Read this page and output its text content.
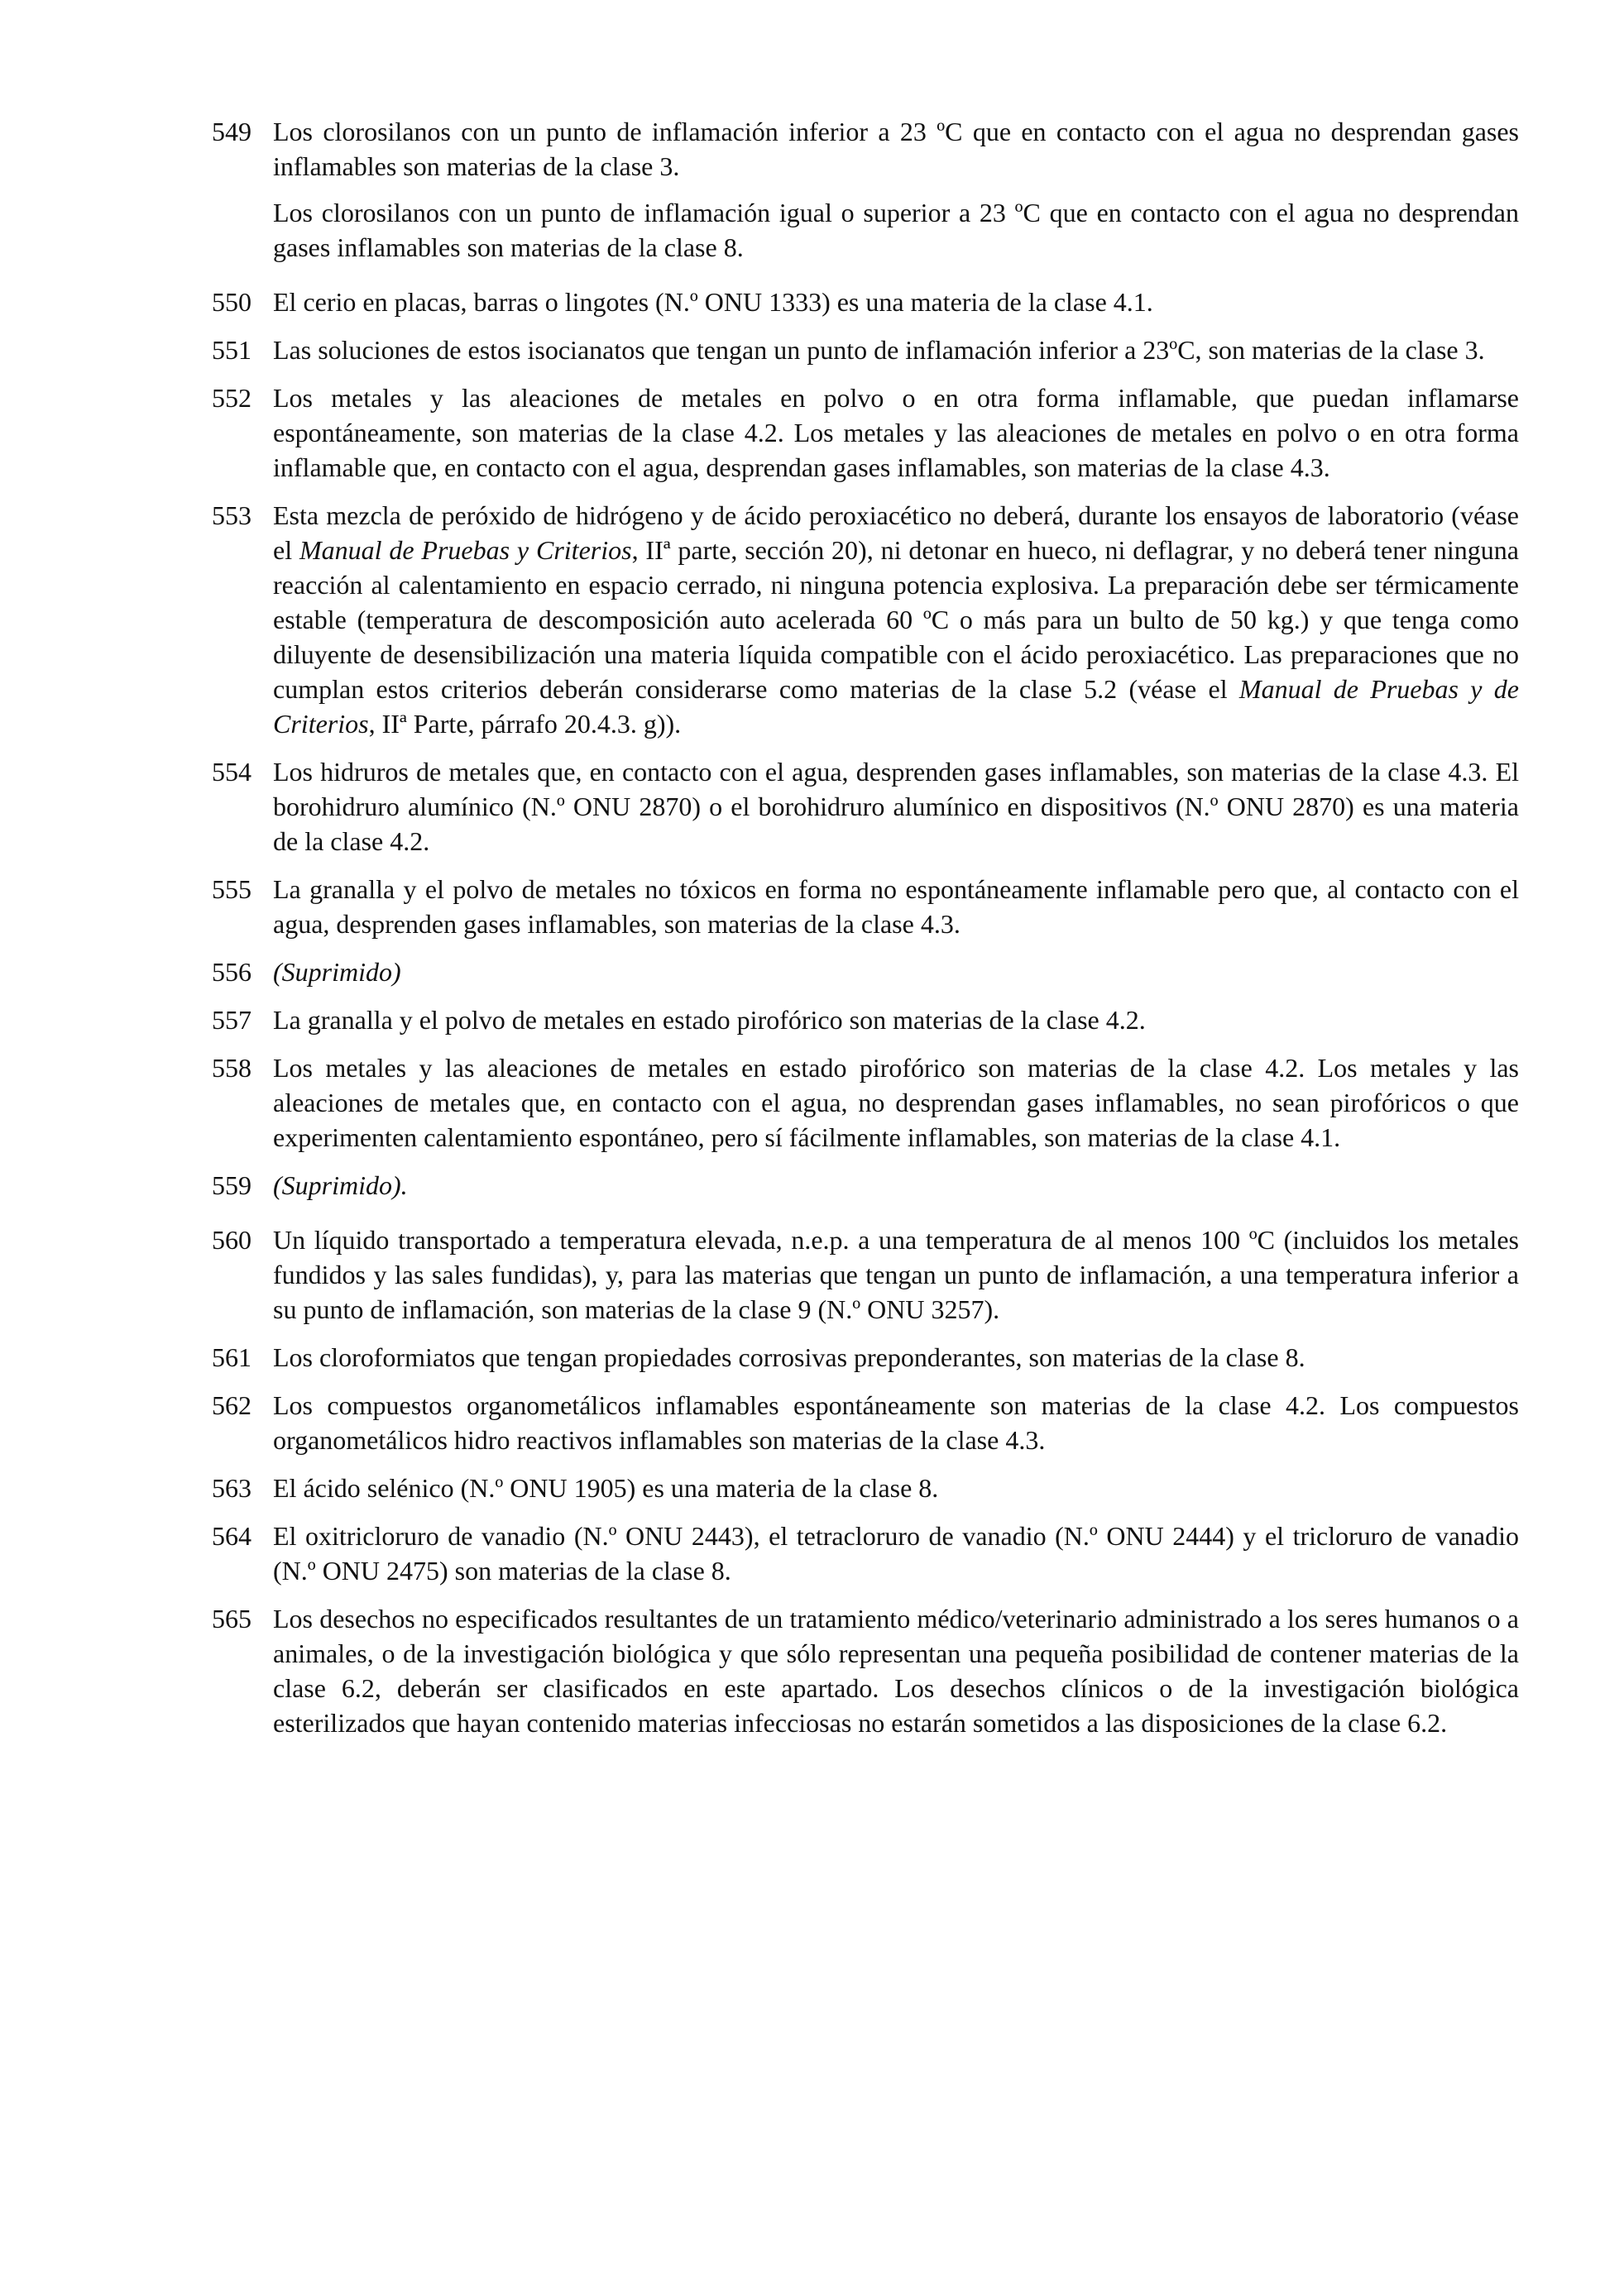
549 Los clorosilanos con un punto de inflamación inferior a 23 ºC que en contacto con el agua no desprendan gases inflamables son materias de la clase 3.

Los clorosilanos con un punto de inflamación igual o superior a 23 ºC que en contacto con el agua no desprendan gases inflamables son materias de la clase 8.

550 El cerio en placas, barras o lingotes (N.º ONU 1333) es una materia de la clase 4.1.

551 Las soluciones de estos isocianatos que tengan un punto de inflamación inferior a 23ºC, son materias de la clase 3.

552 Los metales y las aleaciones de metales en polvo o en otra forma inflamable, que puedan inflamarse espontáneamente, son materias de la clase 4.2. Los metales y las aleaciones de metales en polvo o en otra forma inflamable que, en contacto con el agua, desprendan gases inflamables, son materias de la clase 4.3.

553 Esta mezcla de peróxido de hidrógeno y de ácido peroxiacético no deberá, durante los ensayos de laboratorio (véase el Manual de Pruebas y Criterios, IIª parte, sección 20), ni detonar en hueco, ni deflagrar, y no deberá tener ninguna reacción al calentamiento en espacio cerrado, ni ninguna potencia explosiva. La preparación debe ser térmicamente estable (temperatura de descomposición auto acelerada 60 ºC o más para un bulto de 50 kg.) y que tenga como diluyente de desensibilización una materia líquida compatible con el ácido peroxiacético. Las preparaciones que no cumplan estos criterios deberán considerarse como materias de la clase 5.2 (véase el Manual de Pruebas y de Criterios, IIª Parte, párrafo 20.4.3. g)).

554 Los hidruros de metales que, en contacto con el agua, desprenden gases inflamables, son materias de la clase 4.3. El borohidruro alumínico (N.º ONU 2870) o el borohidruro alumínico en dispositivos (N.º ONU 2870) es una materia de la clase 4.2.

555 La granalla y el polvo de metales no tóxicos en forma no espontáneamente inflamable pero que, al contacto con el agua, desprenden gases inflamables, son materias de la clase 4.3.

556 (Suprimido)

557 La granalla y el polvo de metales en estado pirofórico son materias de la clase 4.2.

558 Los metales y las aleaciones de metales en estado pirofórico son materias de la clase 4.2. Los metales y las aleaciones de metales que, en contacto con el agua, no desprendan gases inflamables, no sean pirofóricos o que experimenten calentamiento espontáneo, pero sí fácilmente inflamables, son materias de la clase 4.1.

559 (Suprimido).

560 Un líquido transportado a temperatura elevada, n.e.p. a una temperatura de al menos 100 ºC (incluidos los metales fundidos y las sales fundidas), y, para las materias que tengan un punto de inflamación, a una temperatura inferior a su punto de inflamación, son materias de la clase 9 (N.º ONU 3257).

561 Los cloroformiatos que tengan propiedades corrosivas preponderantes, son materias de la clase 8.

562 Los compuestos organometálicos inflamables espontáneamente son materias de la clase 4.2. Los compuestos organometálicos hidro reactivos inflamables son materias de la clase 4.3.

563 El ácido selénico (N.º ONU 1905) es una materia de la clase 8.

564 El oxitricloruro de vanadio (N.º ONU 2443), el tetracloruro de vanadio (N.º ONU 2444) y el tricloruro de vanadio (N.º ONU 2475) son materias de la clase 8.

565 Los desechos no especificados resultantes de un tratamiento médico/veterinario administrado a los seres humanos o a animales, o de la investigación biológica y que sólo representan una pequeña posibilidad de contener materias de la clase 6.2, deberán ser clasificados en este apartado. Los desechos clínicos o de la investigación biológica esterilizados que hayan contenido materias infecciosas no estarán sometidos a las disposiciones de la clase 6.2.
